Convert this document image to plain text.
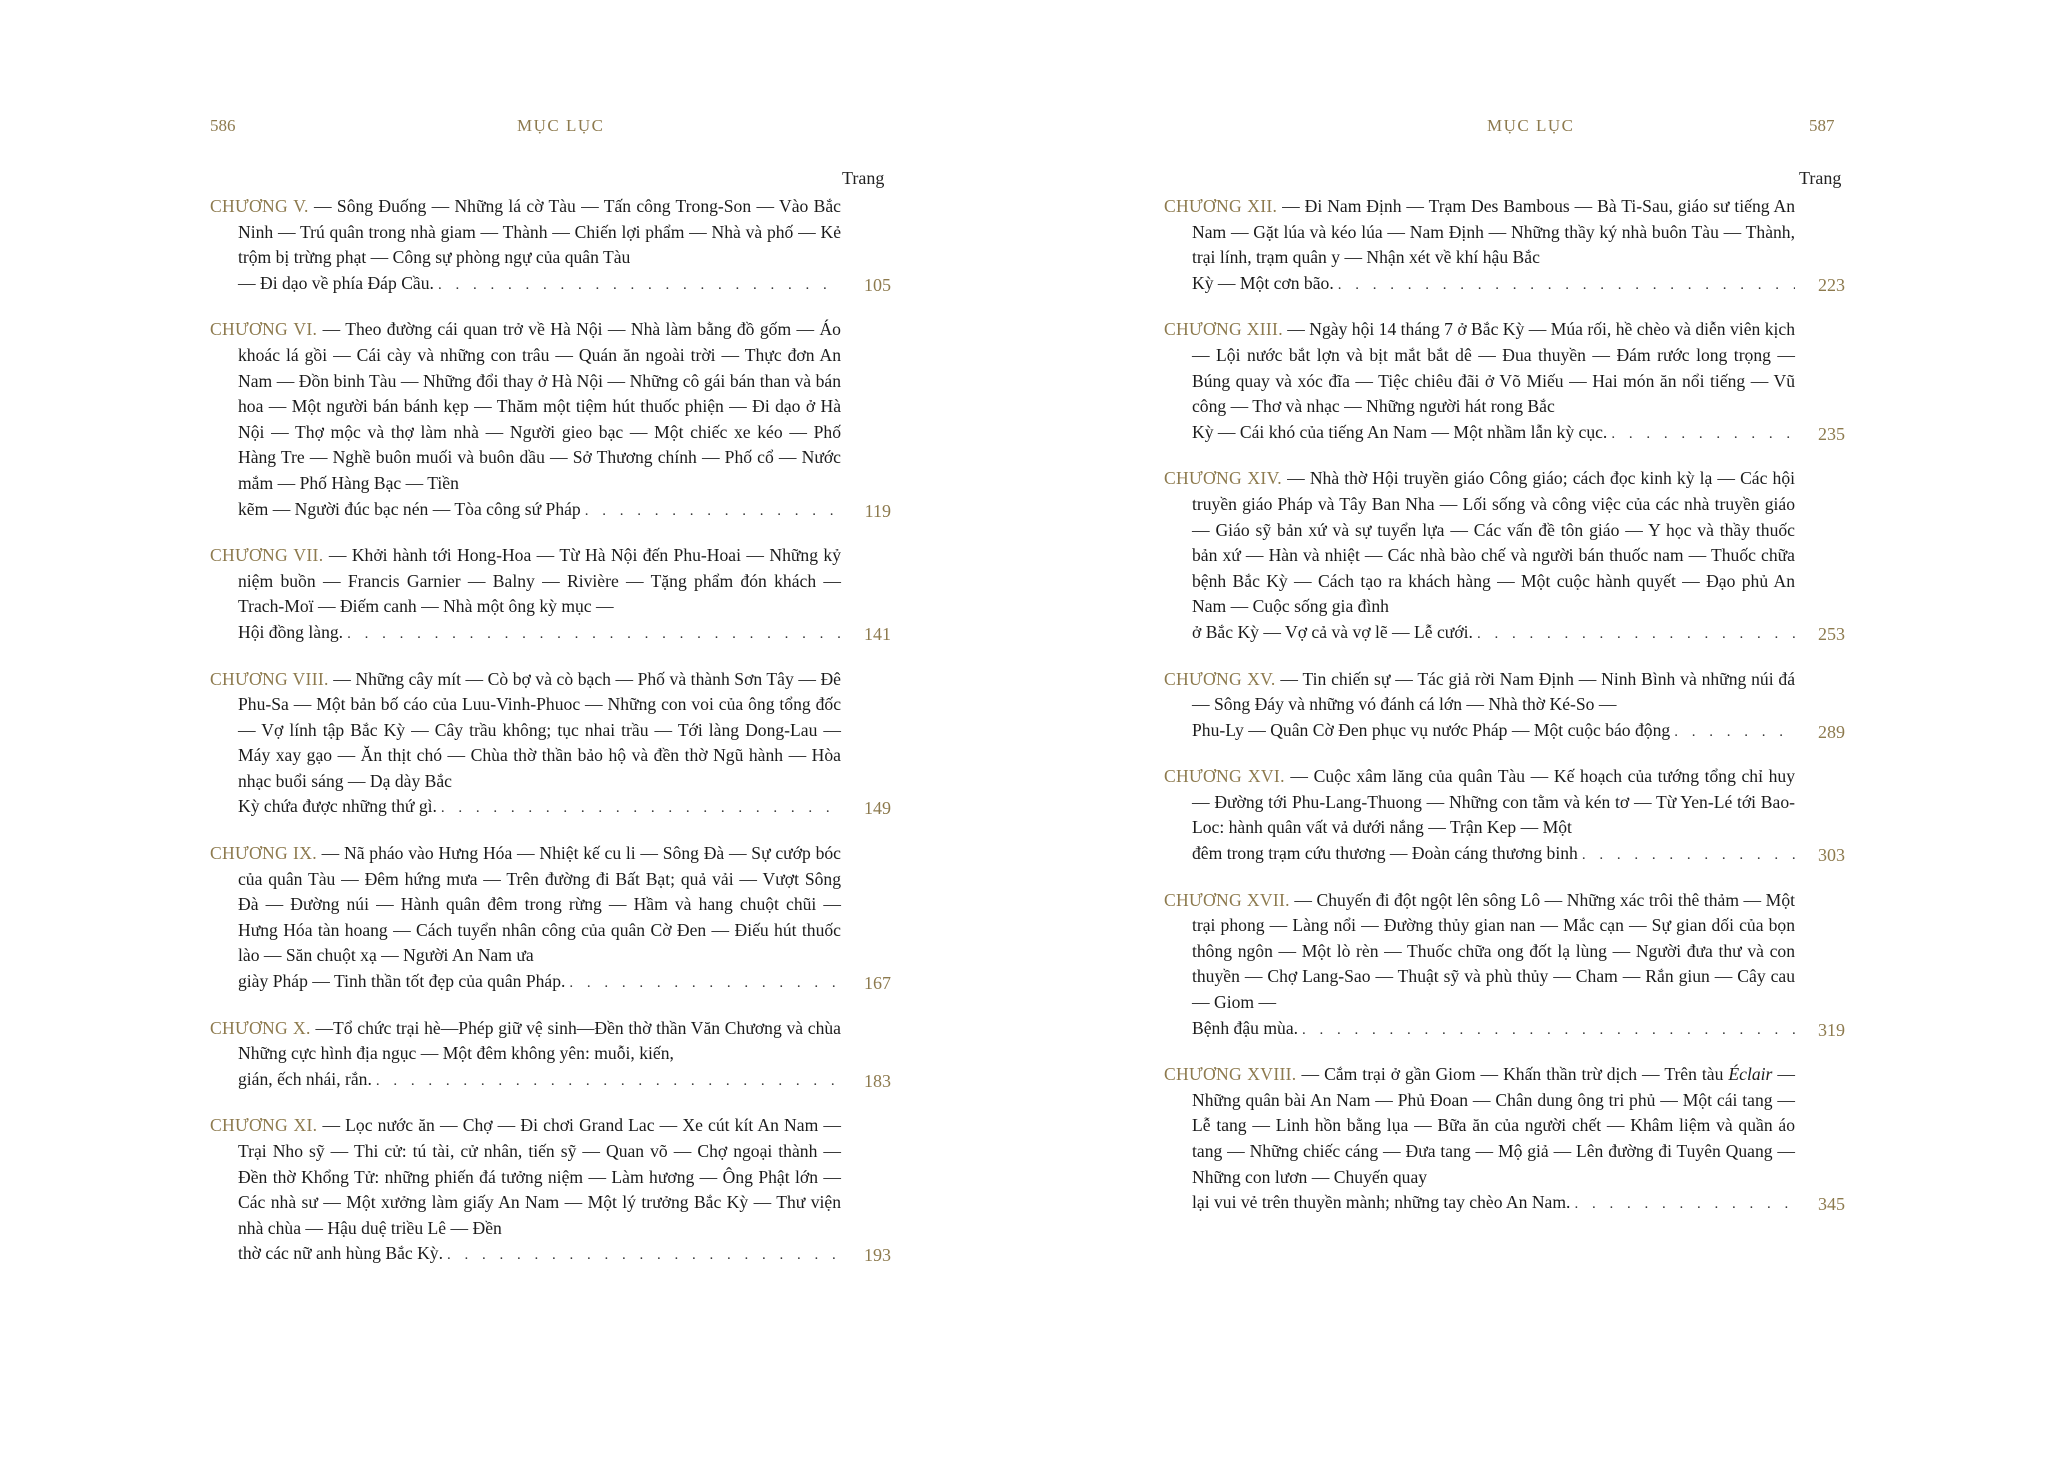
586	MỤC LỤC
Trang
CHƯƠNG V. — Sông Đuống — Những lá cờ Tàu — Tấn công Trong-Son — Vào Bắc Ninh — Trú quân trong nhà giam — Thành — Chiến lợi phẩm — Nhà và phố — Kẻ trộm bị trừng phạt — Công sự phòng ngự của quân Tàu
— Đi dạo về phía Đáp Cầu. . . .	105
CHƯƠNG VI. — Theo đường cái quan trở về Hà Nội — Nhà làm bằng đồ gốm — Áo khoác lá gồi — Cái cày và những con trâu — Quán ăn ngoài trời — Thực đơn An Nam — Đồn binh Tàu — Những đổi thay ở Hà Nội — Những cô gái bán than và bán hoa — Một người bán bánh kẹp — Thăm một tiệm hút thuốc phiện — Đi dạo ở Hà Nội — Thợ mộc và thợ làm nhà — Người gieo bạc — Một chiếc xe kéo — Phố Hàng Tre — Nghề buôn muối và buôn dầu — Sở Thương chính — Phố cổ — Nước mắm — Phố Hàng Bạc — Tiền
kẽm — Người đúc bạc nén — Tòa công sứ Pháp . . .	119
CHƯƠNG VII. — Khởi hành tới Hong-Hoa — Từ Hà Nội đến Phu-Hoai — Những kỷ niệm buồn — Francis Garnier — Balny — Rivière — Tặng phẩm đón khách — Trach-Moï — Điếm canh — Nhà một ông kỳ mục —
Hội đồng làng. . . .	141
CHƯƠNG VIII. — Những cây mít — Cò bợ và cò bạch — Phố và thành Sơn Tây — Đê Phu-Sa — Một bản bố cáo của Luu-Vinh-Phuoc — Những con voi của ông tổng đốc — Vợ lính tập Bắc Kỳ — Cây trầu không; tục nhai trầu — Tới làng Dong-Lau — Máy xay gạo — Ăn thịt chó — Chùa thờ thần bảo hộ và đền thờ Ngũ hành — Hòa nhạc buổi sáng — Dạ dày Bắc
Kỳ chứa được những thứ gì. . . .	149
CHƯƠNG IX. — Nã pháo vào Hưng Hóa — Nhiệt kế cu li — Sông Đà — Sự cướp bóc của quân Tàu — Đêm hứng mưa — Trên đường đi Bất Bạt; quả vải — Vượt Sông Đà — Đường núi — Hành quân đêm trong rừng — Hầm và hang chuột chũi — Hưng Hóa tàn hoang — Cách tuyển nhân công của quân Cờ Đen — Điếu hút thuốc lào — Săn chuột xạ — Người An Nam ưa
giày Pháp — Tinh thần tốt đẹp của quân Pháp. . . .	167
CHƯƠNG X. —Tổ chức trại hè—Phép giữ vệ sinh—Đền thờ thần Văn Chương và chùa Những cực hình địa ngục — Một đêm không yên: muỗi, kiến,
gián, ếch nhái, rắn. . . .	183
CHƯƠNG XI. — Lọc nước ăn — Chợ — Đi chơi Grand Lac — Xe cút kít An Nam — Trại Nho sỹ — Thi cử: tú tài, cử nhân, tiến sỹ — Quan võ — Chợ ngoại thành — Đền thờ Khổng Tử: những phiến đá tưởng niệm — Làm hương — Ông Phật lớn — Các nhà sư — Một xưởng làm giấy An Nam — Một lý trưởng Bắc Kỳ — Thư viện nhà chùa — Hậu duệ triều Lê — Đền
thờ các nữ anh hùng Bắc Kỳ. . . .	193
MỤC LỤC	587
Trang
CHƯƠNG XII. — Đi Nam Định — Trạm Des Bambous — Bà Ti-Sau, giáo sư tiếng An Nam — Gặt lúa và kéo lúa — Nam Định — Những thầy ký nhà buôn Tàu — Thành, trại lính, trạm quân y — Nhận xét về khí hậu Bắc
Kỳ — Một cơn bão. . . .	223
CHƯƠNG XIII. — Ngày hội 14 tháng 7 ở Bắc Kỳ — Múa rối, hề chèo và diễn viên kịch — Lội nước bắt lợn và bịt mắt bắt dê — Đua thuyền — Đám rước long trọng — Búng quay và xóc đĩa — Tiệc chiêu đãi ở Võ Miếu — Hai món ăn nổi tiếng — Vũ công — Thơ và nhạc — Những người hát rong Bắc
Kỳ — Cái khó của tiếng An Nam — Một nhầm lẫn kỳ cục. . . .	235
CHƯƠNG XIV. — Nhà thờ Hội truyền giáo Công giáo; cách đọc kinh kỳ lạ — Các hội truyền giáo Pháp và Tây Ban Nha — Lối sống và công việc của các nhà truyền giáo — Giáo sỹ bản xứ và sự tuyển lựa — Các vấn đề tôn giáo — Y học và thầy thuốc bản xứ — Hàn và nhiệt — Các nhà bào chế và người bán thuốc nam — Thuốc chữa bệnh Bắc Kỳ — Cách tạo ra khách hàng — Một cuộc hành quyết — Đạo phủ An Nam — Cuộc sống gia đình
ở Bắc Kỳ — Vợ cả và vợ lẽ — Lễ cưới. . . .	253
CHƯƠNG XV. — Tin chiến sự — Tác giả rời Nam Định — Ninh Bình và những núi đá — Sông Đáy và những vó đánh cá lớn — Nhà thờ Ké-So —
Phu-Ly — Quân Cờ Đen phục vụ nước Pháp — Một cuộc báo động . . .	289
CHƯƠNG XVI. — Cuộc xâm lăng của quân Tàu — Kế hoạch của tướng tổng chỉ huy — Đường tới Phu-Lang-Thuong — Những con tằm và kén tơ — Từ Yen-Lé tới Bao-Loc: hành quân vất vả dưới nắng — Trận Kep — Một
đêm trong trạm cứu thương — Đoàn cáng thương binh . . .	303
CHƯƠNG XVII. — Chuyến đi đột ngột lên sông Lô — Những xác trôi thê thảm — Một trại phong — Làng nổi — Đường thủy gian nan — Mắc cạn — Sự gian dối của bọn thông ngôn — Một lò rèn — Thuốc chữa ong đốt lạ lùng — Người đưa thư và con thuyền — Chợ Lang-Sao — Thuật sỹ và phù thủy — Cham — Rắn giun — Cây cau — Giom —
Bệnh đậu mùa. . . .	319
CHƯƠNG XVIII. — Cắm trại ở gần Giom — Khấn thần trừ dịch — Trên tàu Éclair — Những quân bài An Nam — Phủ Đoan — Chân dung ông tri phủ — Một cái tang — Lễ tang — Linh hồn bằng lụa — Bữa ăn của người chết — Khâm liệm và quần áo tang — Những chiếc cáng — Đưa tang — Mộ giả — Lên đường đi Tuyên Quang — Những con lươn — Chuyến quay
lại vui vẻ trên thuyền mành; những tay chèo An Nam. . . .	345
